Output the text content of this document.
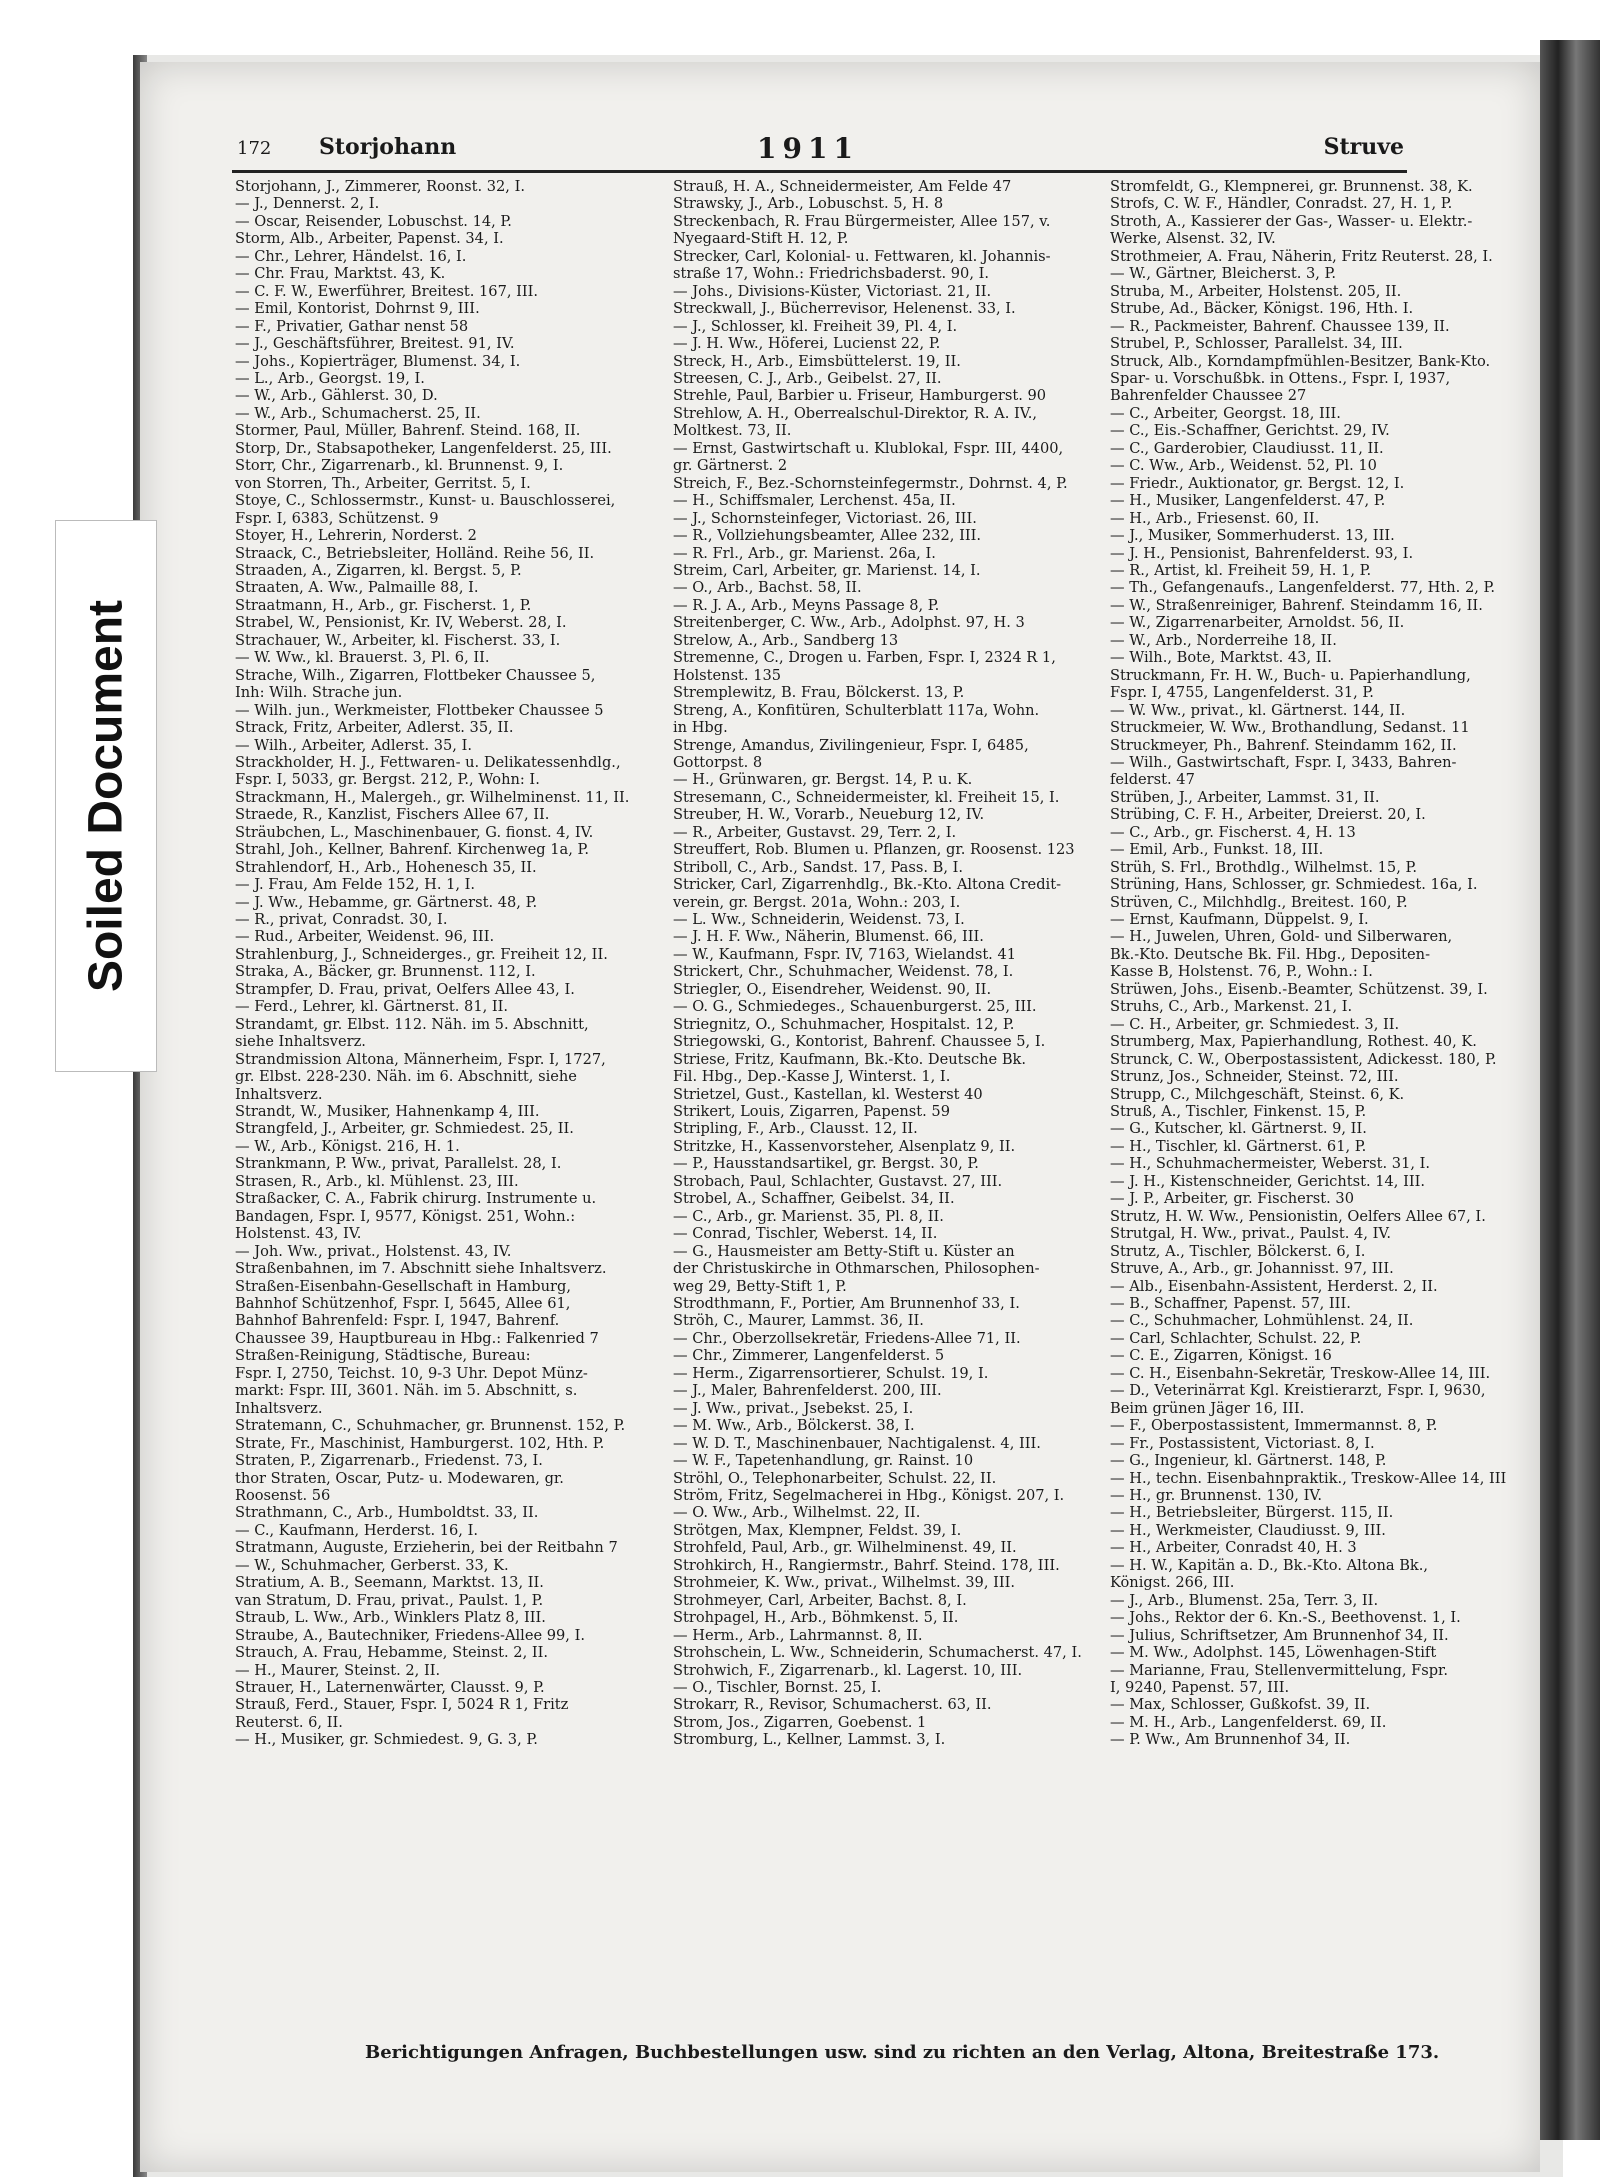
Soiled Document
172 Storjohann	1911	Struve
Storjohann, J., Zimmerer, Roonst. 32, I.
— J., Dennerst. 2, I.
— Oscar, Reisender, Lobuschst. 14, P.
Storm, Alb., Arbeiter, Papenst. 34, I.
— Chr., Lehrer, Händelst. 16, I.
— Chr. Frau, Marktst. 43, K.
— C. F. W., Ewerführer, Breitest. 167, III.
— Emil, Kontorist, Dohrnst 9, III.
— F., Privatier, Gathar nenst 58
— J., Geschäftsführer, Breitest. 91, IV.
— Johs., Kopierträger, Blumenst. 34, I.
— L., Arb., Georgst. 19, I.
— W., Arb., Gählerst. 30, D.
— W., Arb., Schumacherst. 25, II.
Stormer, Paul, Müller, Bahrenf. Steind. 168, II.
Storp, Dr., Stabsapotheker, Langenfelderst. 25, III.
Storr, Chr., Zigarrenarb., kl. Brunnenst. 9, I.
von Storren, Th., Arbeiter, Gerritst. 5, I.
Stoye, C., Schlossermstr., Kunst- u. Bauschlosserei,
Fspr. I, 6383, Schützenst. 9
Stoyer, H., Lehrerin, Norderst. 2
Straack, C., Betriebsleiter, Holländ. Reihe 56, II.
Straaden, A., Zigarren, kl. Bergst. 5, P.
Straaten, A. Ww., Palmaille 88, I.
Straatmann, H., Arb., gr. Fischerst. 1, P.
Strabel, W., Pensionist, Kr. IV, Weberst. 28, I.
Strachauer, W., Arbeiter, kl. Fischerst. 33, I.
— W. Ww., kl. Brauerst. 3, Pl. 6, II.
Strache, Wilh., Zigarren, Flottbeker Chaussee 5,
Inh: Wilh. Strache jun.
— Wilh. jun., Werkmeister, Flottbeker Chaussee 5
Strack, Fritz, Arbeiter, Adlerst. 35, II.
— Wilh., Arbeiter, Adlerst. 35, I.
Strackholder, H. J., Fettwaren- u. Delikatessenhdlg.,
Fspr. I, 5033, gr. Bergst. 212, P., Wohn: I.
Strackmann, H., Malergeh., gr. Wilhelminenst. 11, II.
Straede, R., Kanzlist, Fischers Allee 67, II.
Sträubchen, L., Maschinenbauer, G. fionst. 4, IV.
Strahl, Joh., Kellner, Bahrenf. Kirchenweg 1a, P.
Strahlendorf, H., Arb., Hohenesch 35, II.
— J. Frau, Am Felde 152, H. 1, I.
— J. Ww., Hebamme, gr. Gärtnerst. 48, P.
— R., privat, Conradst. 30, I.
— Rud., Arbeiter, Weidenst. 96, III.
Strahlenburg, J., Schneiderges., gr. Freiheit 12, II.
Straka, A., Bäcker, gr. Brunnenst. 112, I.
Strampfer, D. Frau, privat, Oelfers Allee 43, I.
— Ferd., Lehrer, kl. Gärtnerst. 81, II.
Strandamt, gr. Elbst. 112. Näh. im 5. Abschnitt,
siehe Inhaltsverz.
Strandmission Altona, Männerheim, Fspr. I, 1727,
gr. Elbst. 228-230. Näh. im 6. Abschnitt, siehe
Inhaltsverz.
Strandt, W., Musiker, Hahnenkamp 4, III.
Strangfeld, J., Arbeiter, gr. Schmiedest. 25, II.
— W., Arb., Königst. 216, H. 1.
Strankmann, P. Ww., privat, Parallelst. 28, I.
Strasen, R., Arb., kl. Mühlenst. 23, III.
Straßacker, C. A., Fabrik chirurg. Instrumente u.
Bandagen, Fspr. I, 9577, Königst. 251, Wohn.:
Holstenst. 43, IV.
— Joh. Ww., privat., Holstenst. 43, IV.
Straßenbahnen, im 7. Abschnitt siehe Inhaltsverz.
Straßen-Eisenbahn-Gesellschaft in Hamburg,
Bahnhof Schützenhof, Fspr. I, 5645, Allee 61,
Bahnhof Bahrenfeld: Fspr. I, 1947, Bahrenf.
Chaussee 39, Hauptbureau in Hbg.: Falkenried 7
Straßen-Reinigung, Städtische, Bureau:
Fspr. I, 2750, Teichst. 10, 9-3 Uhr. Depot Münz-
markt: Fspr. III, 3601. Näh. im 5. Abschnitt, s.
Inhaltsverz.
Stratemann, C., Schuhmacher, gr. Brunnenst. 152, P.
Strate, Fr., Maschinist, Hamburgerst. 102, Hth. P.
Straten, P., Zigarrenarb., Friedenst. 73, I.
thor Straten, Oscar, Putz- u. Modewaren, gr.
Roosenst. 56
Strathmann, C., Arb., Humboldtst. 33, II.
— C., Kaufmann, Herderst. 16, I.
Stratmann, Auguste, Erzieherin, bei der Reitbahn 7
— W., Schuhmacher, Gerberst. 33, K.
Stratium, A. B., Seemann, Marktst. 13, II.
van Stratum, D. Frau, privat., Paulst. 1, P.
Straub, L. Ww., Arb., Winklers Platz 8, III.
Straube, A., Bautechniker, Friedens-Allee 99, I.
Strauch, A. Frau, Hebamme, Steinst. 2, II.
— H., Maurer, Steinst. 2, II.
Strauer, H., Laternenwärter, Clausst. 9, P.
Strauß, Ferd., Stauer, Fspr. I, 5024 R 1, Fritz
Reuterst. 6, II.
— H., Musiker, gr. Schmiedest. 9, G. 3, P.
Strauß, H. A., Schneidermeister, Am Felde 47
Strawsky, J., Arb., Lobuschst. 5, H. 8
Streckenbach, R. Frau Bürgermeister, Allee 157, v.
Nyegaard-Stift H. 12, P.
Strecker, Carl, Kolonial- u. Fettwaren, kl. Johannis-
straße 17, Wohn.: Friedrichsbaderst. 90, I.
— Johs., Divisions-Küster, Victoriast. 21, II.
Streckwall, J., Bücherrevisor, Helenenst. 33, I.
— J., Schlosser, kl. Freiheit 39, Pl. 4, I.
— J. H. Ww., Höferei, Lucienst 22, P.
Streck, H., Arb., Eimsbüttelerst. 19, II.
Streesen, C. J., Arb., Geibelst. 27, II.
Strehle, Paul, Barbier u. Friseur, Hamburgerst. 90
Strehlow, A. H., Oberrealschul-Direktor, R. A. IV.,
Moltkest. 73, II.
— Ernst, Gastwirtschaft u. Klublokal, Fspr. III, 4400,
gr. Gärtnerst. 2
Streich, F., Bez.-Schornsteinfegermstr., Dohrnst. 4, P.
— H., Schiffsmaler, Lerchenst. 45a, II.
— J., Schornsteinfeger, Victoriast. 26, III.
— R., Vollziehungsbeamter, Allee 232, III.
— R. Frl., Arb., gr. Marienst. 26a, I.
Streim, Carl, Arbeiter, gr. Marienst. 14, I.
— O., Arb., Bachst. 58, II.
— R. J. A., Arb., Meyns Passage 8, P.
Streitenberger, C. Ww., Arb., Adolphst. 97, H. 3
Strelow, A., Arb., Sandberg 13
Stremenne, C., Drogen u. Farben, Fspr. I, 2324 R 1,
Holstenst. 135
Stremplewitz, B. Frau, Bölckerst. 13, P.
Streng, A., Konfitüren, Schulterblatt 117a, Wohn.
in Hbg.
Strenge, Amandus, Zivilingenieur, Fspr. I, 6485,
Gottorpst. 8
— H., Grünwaren, gr. Bergst. 14, P. u. K.
Stresemann, C., Schneidermeister, kl. Freiheit 15, I.
Streuber, H. W., Vorarb., Neueburg 12, IV.
— R., Arbeiter, Gustavst. 29, Terr. 2, I.
Streuffert, Rob. Blumen u. Pflanzen, gr. Roosenst. 123
Striboll, C., Arb., Sandst. 17, Pass. B, I.
Stricker, Carl, Zigarrenhdlg., Bk.-Kto. Altona Credit-
verein, gr. Bergst. 201a, Wohn.: 203, I.
— L. Ww., Schneiderin, Weidenst. 73, I.
— J. H. F. Ww., Näherin, Blumenst. 66, III.
— W., Kaufmann, Fspr. IV, 7163, Wielandst. 41
Strickert, Chr., Schuhmacher, Weidenst. 78, I.
Striegler, O., Eisendreher, Weidenst. 90, II.
— O. G., Schmiedeges., Schauenburgerst. 25, III.
Striegnitz, O., Schuhmacher, Hospitalst. 12, P.
Striegowski, G., Kontorist, Bahrenf. Chaussee 5, I.
Striese, Fritz, Kaufmann, Bk.-Kto. Deutsche Bk.
Fil. Hbg., Dep.-Kasse J, Winterst. 1, I.
Strietzel, Gust., Kastellan, kl. Westerst 40
Strikert, Louis, Zigarren, Papenst. 59
Stripling, F., Arb., Clausst. 12, II.
Stritzke, H., Kassenvorsteher, Alsenplatz 9, II.
— P., Hausstandsartikel, gr. Bergst. 30, P.
Strobach, Paul, Schlachter, Gustavst. 27, III.
Strobel, A., Schaffner, Geibelst. 34, II.
— C., Arb., gr. Marienst. 35, Pl. 8, II.
— Conrad, Tischler, Weberst. 14, II.
— G., Hausmeister am Betty-Stift u. Küster an
der Christuskirche in Othmarschen, Philosophen-
weg 29, Betty-Stift 1, P.
Strodthmann, F., Portier, Am Brunnenhof 33, I.
Ströh, C., Maurer, Lammst. 36, II.
— Chr., Oberzollsekretär, Friedens-Allee 71, II.
— Chr., Zimmerer, Langenfelderst. 5
— Herm., Zigarrensortierer, Schulst. 19, I.
— J., Maler, Bahrenfelderst. 200, III.
— J. Ww., privat., Jsebekst. 25, I.
— M. Ww., Arb., Bölckerst. 38, I.
— W. D. T., Maschinenbauer, Nachtigalenst. 4, III.
— W. F., Tapetenhandlung, gr. Rainst. 10
Ströhl, O., Telephonarbeiter, Schulst. 22, II.
Ström, Fritz, Segelmacherei in Hbg., Königst. 207, I.
— O. Ww., Arb., Wilhelmst. 22, II.
Strötgen, Max, Klempner, Feldst. 39, I.
Strohfeld, Paul, Arb., gr. Wilhelminenst. 49, II.
Strohkirch, H., Rangiermstr., Bahrf. Steind. 178, III.
Strohmeier, K. Ww., privat., Wilhelmst. 39, III.
Strohmeyer, Carl, Arbeiter, Bachst. 8, I.
Strohpagel, H., Arb., Böhmkenst. 5, II.
— Herm., Arb., Lahrmannst. 8, II.
Strohschein, L. Ww., Schneiderin, Schumacherst. 47, I.
Strohwich, F., Zigarrenarb., kl. Lagerst. 10, III.
— O., Tischler, Bornst. 25, I.
Strokarr, R., Revisor, Schumacherst. 63, II.
Strom, Jos., Zigarren, Goebenst. 1
Stromburg, L., Kellner, Lammst. 3, I.
Stromfeldt, G., Klempnerei, gr. Brunnenst. 38, K.
Strofs, C. W. F., Händler, Conradst. 27, H. 1, P.
Stroth, A., Kassierer der Gas-, Wasser- u. Elektr.-
Werke, Alsenst. 32, IV.
Strothmeier, A. Frau, Näherin, Fritz Reuterst. 28, I.
— W., Gärtner, Bleicherst. 3, P.
Struba, M., Arbeiter, Holstenst. 205, II.
Strube, Ad., Bäcker, Königst. 196, Hth. I.
— R., Packmeister, Bahrenf. Chaussee 139, II.
Strubel, P., Schlosser, Parallelst. 34, III.
Struck, Alb., Korndampfmühlen-Besitzer, Bank-Kto.
Spar- u. Vorschußbk. in Ottens., Fspr. I, 1937,
Bahrenfelder Chaussee 27
— C., Arbeiter, Georgst. 18, III.
— C., Eis.-Schaffner, Gerichtst. 29, IV.
— C., Garderobier, Claudiusst. 11, II.
— C. Ww., Arb., Weidenst. 52, Pl. 10
— Friedr., Auktionator, gr. Bergst. 12, I.
— H., Musiker, Langenfelderst. 47, P.
— H., Arb., Friesenst. 60, II.
— J., Musiker, Sommerhuderst. 13, III.
— J. H., Pensionist, Bahrenfelderst. 93, I.
— R., Artist, kl. Freiheit 59, H. 1, P.
— Th., Gefangenaufs., Langenfelderst. 77, Hth. 2, P.
— W., Straßenreiniger, Bahrenf. Steindamm 16, II.
— W., Zigarrenarbeiter, Arnoldst. 56, II.
— W., Arb., Norderreihe 18, II.
— Wilh., Bote, Marktst. 43, II.
Struckmann, Fr. H. W., Buch- u. Papierhandlung,
Fspr. I, 4755, Langenfelderst. 31, P.
— W. Ww., privat., kl. Gärtnerst. 144, II.
Struckmeier, W. Ww., Brothandlung, Sedanst. 11
Struckmeyer, Ph., Bahrenf. Steindamm 162, II.
— Wilh., Gastwirtschaft, Fspr. I, 3433, Bahren-
felderst. 47
Strüben, J., Arbeiter, Lammst. 31, II.
Strübing, C. F. H., Arbeiter, Dreierst. 20, I.
— C., Arb., gr. Fischerst. 4, H. 13
— Emil, Arb., Funkst. 18, III.
Strüh, S. Frl., Brothdlg., Wilhelmst. 15, P.
Strüning, Hans, Schlosser, gr. Schmiedest. 16a, I.
Strüven, C., Milchhdlg., Breitest. 160, P.
— Ernst, Kaufmann, Düppelst. 9, I.
— H., Juwelen, Uhren, Gold- und Silberwaren,
Bk.-Kto. Deutsche Bk. Fil. Hbg., Depositen-
Kasse B, Holstenst. 76, P., Wohn.: I.
Strüwen, Johs., Eisenb.-Beamter, Schützenst. 39, I.
Struhs, C., Arb., Markenst. 21, I.
— C. H., Arbeiter, gr. Schmiedest. 3, II.
Strumberg, Max, Papierhandlung, Rothest. 40, K.
Strunck, C. W., Oberpostassistent, Adickesst. 180, P.
Strunz, Jos., Schneider, Steinst. 72, III.
Strupp, C., Milchgeschäft, Steinst. 6, K.
Struß, A., Tischler, Finkenst. 15, P.
— G., Kutscher, kl. Gärtnerst. 9, II.
— H., Tischler, kl. Gärtnerst. 61, P.
— H., Schuhmachermeister, Weberst. 31, I.
— J. H., Kistenschneider, Gerichtst. 14, III.
— J. P., Arbeiter, gr. Fischerst. 30
Strutz, H. W. Ww., Pensionistin, Oelfers Allee 67, I.
Strutgal, H. Ww., privat., Paulst. 4, IV.
Strutz, A., Tischler, Bölckerst. 6, I.
Struve, A., Arb., gr. Johannisst. 97, III.
— Alb., Eisenbahn-Assistent, Herderst. 2, II.
— B., Schaffner, Papenst. 57, III.
— C., Schuhmacher, Lohmühlenst. 24, II.
— Carl, Schlachter, Schulst. 22, P.
— C. E., Zigarren, Königst. 16
— C. H., Eisenbahn-Sekretär, Treskow-Allee 14, III.
— D., Veterinärrat Kgl. Kreistierarzt, Fspr. I, 9630,
Beim grünen Jäger 16, III.
— F., Oberpostassistent, Immermannst. 8, P.
— Fr., Postassistent, Victoriast. 8, I.
— G., Ingenieur, kl. Gärtnerst. 148, P.
— H., techn. Eisenbahnpraktik., Treskow-Allee 14, III
— H., gr. Brunnenst. 130, IV.
— H., Betriebsleiter, Bürgerst. 115, II.
— H., Werkmeister, Claudiusst. 9, III.
— H., Arbeiter, Conradst 40, H. 3
— H. W., Kapitän a. D., Bk.-Kto. Altona Bk.,
Königst. 266, III.
— J., Arb., Blumenst. 25a, Terr. 3, II.
— Johs., Rektor der 6. Kn.-S., Beethovenst. 1, I.
— Julius, Schriftsetzer, Am Brunnenhof 34, II.
— M. Ww., Adolphst. 145, Löwenhagen-Stift
— Marianne, Frau, Stellenvermittelung, Fspr.
I, 9240, Papenst. 57, III.
— Max, Schlosser, Gußkofst. 39, II.
— M. H., Arb., Langenfelderst. 69, II.
— P. Ww., Am Brunnenhof 34, II.
Berichtigungen Anfragen, Buchbestellungen usw. sind zu richten an den Verlag, Altona, Breitestraße 173.
